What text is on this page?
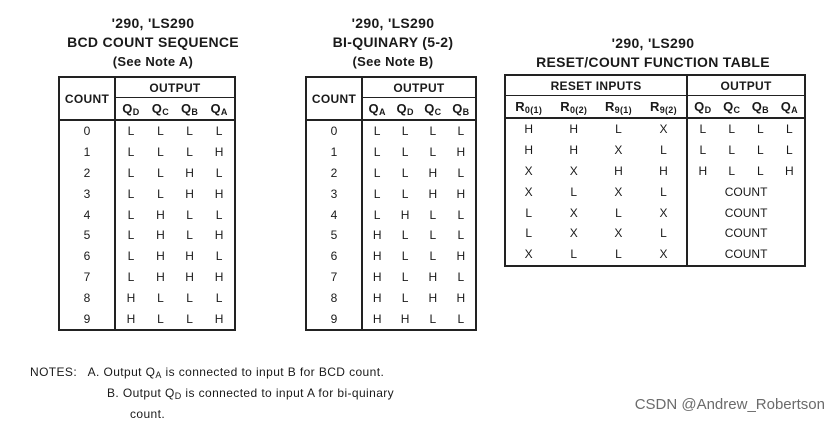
'290, 'LS290
BCD COUNT SEQUENCE
(See Note A)
COUNT	OUTPUT			
	$Q_D$	$Q_C$	$Q_B$	$Q_A$
0	L	L	L	L
1	L	L	L	H
2	L	L	H	L
3	L	L	H	H
4	L	H	L	L
5	L	H	L	H
6	L	H	H	L
7	L	H	H	H
8	H	L	L	L
9	H	L	L	H
'290, 'LS290
BI-QUINARY (5-2)
(See Note B)
COUNT	OUTPUT			
	$Q_A$	$Q_D$	$Q_C$	$Q_B$
0	L	L	L	L
1	L	L	L	H
2	L	L	H	L
3	L	L	H	H
4	L	H	L	L
5	H	L	L	L
6	H	L	L	H
7	H	L	H	L
8	H	L	H	H
9	H	H	L	L
'290, 'LS290
RESET/COUNT FUNCTION TABLE
RESET INPUTS				OUTPUT			
$R_{0(1)}$	$R_{0(2)}$	$R_{9(1)}$	$R_{9(2)}$	$Q_D$	$Q_C$	$Q_B$	$Q_A$
H	H	L	X	L	L	L	L
H	H	X	L	L	L	L	L
X	X	H	H	H	L	L	H
X	L	X	L	COUNT			
L	X	L	X	COUNT			
L	X	X	L	COUNT			
X	L	L	X	COUNT			
NOTES: A. Output $Q_A$ is connected to input B for BCD count.
B. Output $Q_D$ is connected to input A for bi-quinary
count.
CSDN @Andrew_Robertson
